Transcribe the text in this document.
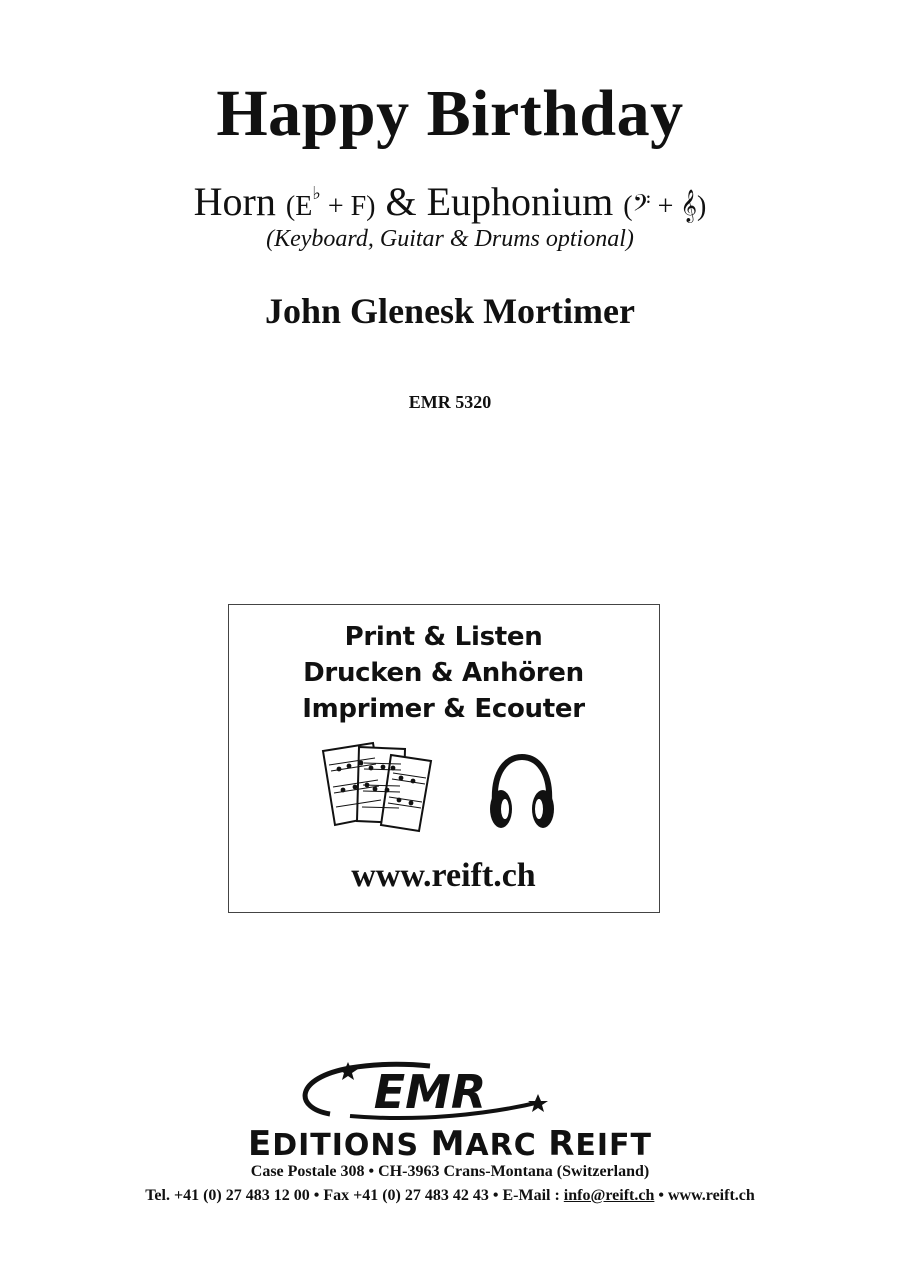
Happy Birthday
Horn (E♭ + F) & Euphonium (𝄢 + 𝄞)
(Keyboard, Guitar & Drums optional)
John Glenesk Mortimer
EMR 5320
Print & Listen
Drucken & Anhören
Imprimer & Ecouter
www.reift.ch
EMR
EDITIONS MARC REIFT
Case Postale 308 • CH-3963 Crans-Montana (Switzerland)
Tel. +41 (0) 27 483 12 00 • Fax +41 (0) 27 483 42 43 • E-Mail : info@reift.ch • www.reift.ch
